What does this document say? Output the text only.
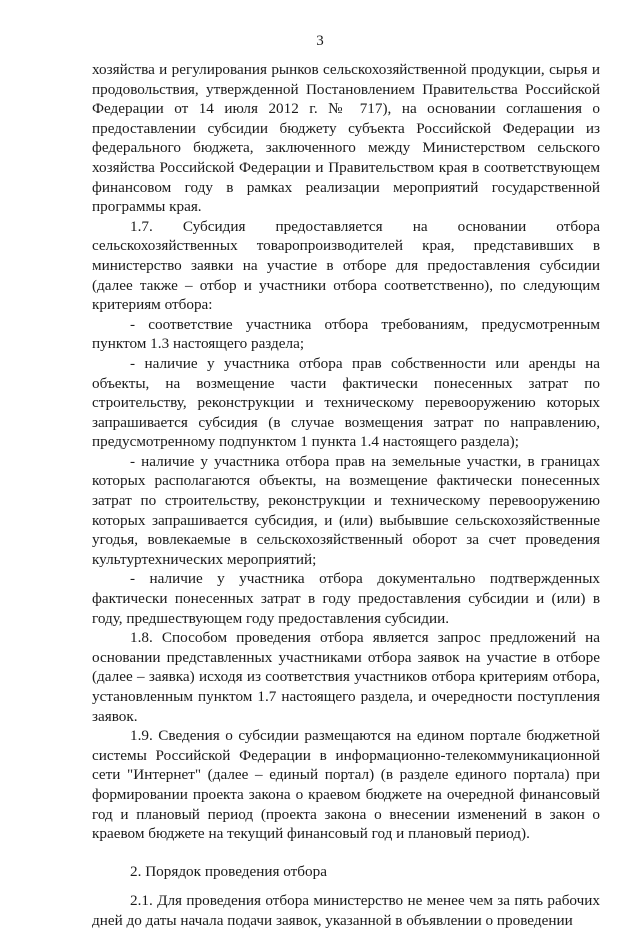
3

хозяйства и регулирования рынков сельскохозяйственной продукции, сырья и продовольствия, утвержденной Постановлением Правительства Российской Федерации от 14 июля 2012 г. № 717), на основании соглашения о предоставлении субсидии бюджету субъекта Российской Федерации из федерального бюджета, заключенного между Министерством сельского хозяйства Российской Федерации и Правительством края в соответствующем финансовом году в рамках реализации мероприятий государственной программы края.

1.7. Субсидия предоставляется на основании отбора сельскохозяйственных товаропроизводителей края, представивших в министерство заявки на участие в отборе для предоставления субсидии (далее также – отбор и участники отбора соответственно), по следующим критериям отбора:

- соответствие участника отбора требованиям, предусмотренным пунктом 1.3 настоящего раздела;

- наличие у участника отбора прав собственности или аренды на объекты, на возмещение части фактически понесенных затрат по строительству, реконструкции и техническому перевооружению которых запрашивается субсидия (в случае возмещения затрат по направлению, предусмотренному подпунктом 1 пункта 1.4 настоящего раздела);

- наличие у участника отбора прав на земельные участки, в границах которых располагаются объекты, на возмещение фактически понесенных затрат по строительству, реконструкции и техническому перевооружению которых запрашивается субсидия, и (или) выбывшие сельскохозяйственные угодья, вовлекаемые в сельскохозяйственный оборот за счет проведения культуртехнических мероприятий;

- наличие у участника отбора документально подтвержденных фактически понесенных затрат в году предоставления субсидии и (или) в году, предшествующем году предоставления субсидии.

1.8. Способом проведения отбора является запрос предложений на основании представленных участниками отбора заявок на участие в отборе (далее – заявка) исходя из соответствия участников отбора критериям отбора, установленным пунктом 1.7 настоящего раздела, и очередности поступления заявок.

1.9. Сведения о субсидии размещаются на едином портале бюджетной системы Российской Федерации в информационно-телекоммуникационной сети "Интернет" (далее – единый портал) (в разделе единого портала) при формировании проекта закона о краевом бюджете на очередной финансовый год и плановый период (проекта закона о внесении изменений в закон о краевом бюджете на текущий финансовый год и плановый период).

2. Порядок проведения отбора

2.1. Для проведения отбора министерство не менее чем за пять рабочих дней до даты начала подачи заявок, указанной в объявлении о проведении
